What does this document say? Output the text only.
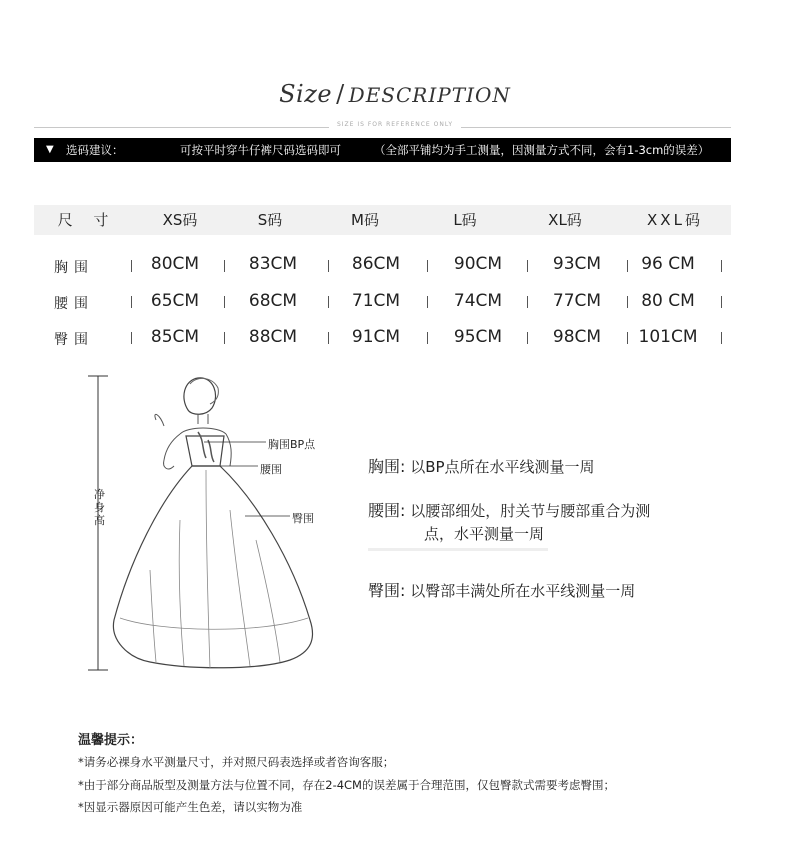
Size / DESCRIPTION
SIZE IS FOR REFERENCE ONLY
▼ 选码建议：	可按平时穿牛仔裤尺码选码即可	（全部平铺均为手工测量，因测量方式不同，会有1-3cm的误差）
尺 寸	XS码	S码	M码	L码	XL码	XXL码
胸围	80CM	83CM	86CM	90CM	93CM	96 CM
腰围	65CM	68CM	71CM	74CM	77CM	80 CM
臀围	85CM	88CM	91CM	95CM	98CM	101CM
净身高
胸围BP点
腰围
臀围
胸围: 以BP点所在水平线测量一周
腰围: 以腰部细处，肘关节与腰部重合为测
点，水平测量一周
臀围: 以臀部丰满处所在水平线测量一周
温馨提示：
*请务必裸身水平测量尺寸，并对照尺码表选择或者咨询客服；
*由于部分商品版型及测量方法与位置不同，存在2-4CM的误差属于合理范围，仅包臀款式需要考虑臀围；
*因显示器原因可能产生色差，请以实物为准
